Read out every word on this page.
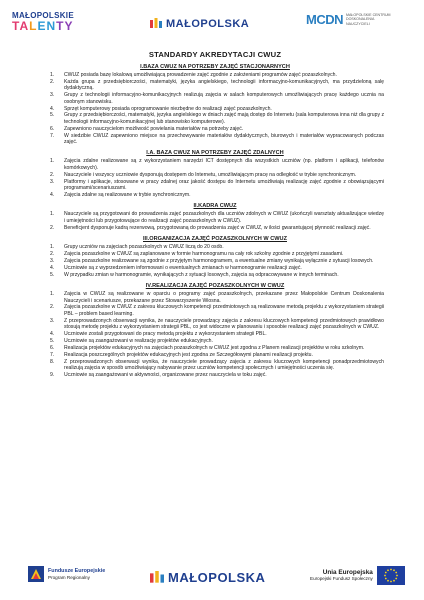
MAŁOPOLSKIE
TALENTY	MAŁOPOLSKA	MCDN MAŁOPOLSKIE CENTRUM DOSKONALENIA NAUCZYCIELI
STANDARDY AKREDYTACJI CWUZ
I.BAZA CWUZ NA POTRZEBY ZAJĘĆ STACJONARNYCH
1. CWUZ posiada bazę lokalową umożliwiającą prowadzenie zajęć zgodnie z założeniami programów zajęć pozaszkolnych.
2. Każda grupa z przedsiębiorczości, matematyki, języka angielskiego, technologii informacyjno-komunikacyjnych, ma przydzieloną salę dydaktyczną.
3. Grupy z technologii informacyjno-komunikacyjnych realizują zajęcia w salach komputerowych umożliwiających pracę każdego ucznia na osobnym stanowisku.
4. Sprzęt komputerowy posiada oprogramowanie niezbędne do realizacji zajęć pozaszkolnych.
5. Grupy z przedsiębiorczości, matematyki, języka angielskiego w dniach zajęć mają dostęp do Internetu (sala komputerowa inna niż dla grupy z technologii informacyjno-komunikacyjnej lub stanowisko komputerowe).
6. Zapewniono nauczycielom możliwość powielania materiałów na potrzeby zajęć.
7. W siedzibie CWUZ zapewniono miejsce na przechowywanie materiałów dydaktycznych, biurowych i materiałów wypracowanych podczas zajęć.
I.A. BAZA CWUZ NA POTRZEBY ZAJĘĆ ZDALNYCH
1. Zajęcia zdalne realizowane są z wykorzystaniem narzędzi ICT dostępnych dla wszystkich uczniów (np. platform i aplikacji, telefonów komórkowych).
2. Nauczyciele i wszyscy uczniowie dysponują dostępem do Internetu, umożliwiającym pracę na odległość w trybie synchronicznym.
3. Platformy i aplikacje, stosowane w pracy zdalnej oraz jakość dostępu do Internetu umożliwiają realizację zajęć zgodnie z obowiązującymi programami/scenariuszami.
4. Zajęcia zdalne są realizowane w trybie synchronicznym.
II.KADRA CWUZ
1. Nauczyciele są przygotowani do prowadzenia zajęć pozaszkolnych dla uczniów zdolnych w CWUZ (ukończyli warsztaty aktualizujące wiedzę i umiejętności lub przygotowujące do realizacji zajęć pozaszkolnych w CWUZ).
2. Beneficjent dysponuje kadrą rezerwową, przygotowaną do prowadzenia zajęć w CWUZ, w ilości gwarantującej płynność realizacji zajęć.
III.ORGANIZACJA ZAJĘĆ POZASZKOLNYCH W CWUZ
1. Grupy uczniów na zajęciach pozaszkolnych w CWUZ liczą do 20 osób.
2. Zajęcia pozaszkolne w CWUZ są zaplanowane w formie harmonogramu na cały rok szkolny zgodnie z przyjętymi zasadami.
3. Zajęcia pozaszkolne realizowane są zgodnie z przyjętym harmonogramem, a ewentualne zmiany wynikają wyłącznie z sytuacji losowych.
4. Uczniowie są z wyprzedzeniem informowani o ewentualnych zmianach w harmonogramie realizacji zajęć.
5. W przypadku zmian w harmonogramie, wynikających z sytuacji losowych, zajęcia są odpracowywane w innych terminach.
IV.REALIZACJA ZAJĘĆ POZASZKOLNYCH W CWUZ
1. Zajęcia w CWUZ są realizowane w oparciu o programy zajęć pozaszkolnych, przekazane przez Małopolskie Centrum Doskonalenia Nauczycieli i scenariusze, przekazane przez Stowarzyszenie Wiosna.
2. Zajęcia pozaszkolne w CWUZ z zakresu kluczowych kompetencji przedmiotowych są realizowane metodą projektu z wykorzystaniem strategii PBL – problem based learning.
3. Z przeprowadzonych obserwacji wynika, że nauczyciele prowadzący zajęcia z zakresu kluczowych kompetencji przedmiotowych prawidłowo stosują metodę projektu z wykorzystaniem strategii PBL, co jest widoczne w planowaniu i sposobie realizacji zajęć pozaszkolnych w CWUZ.
4. Uczniowie zostali przygotowani do pracy metodą projektu z wykorzystaniem strategii PBL.
5. Uczniowie są zaangażowani w realizację projektów edukacyjnych.
6. Realizacja projektów edukacyjnych na zajęciach pozaszkolnych w CWUZ jest zgodna z Planem realizacji projektów w roku szkolnym.
7. Realizacja poszczególnych projektów edukacyjnych jest zgodna ze Szczegółowymi planami realizacji projektu.
8. Z przeprowadzonych obserwacji wynika, że nauczyciele prowadzący zajęcia z zakresu kluczowych kompetencji ponadprzedmiotowych realizują zajęcia w sposób umożliwiający nabywanie przez uczniów kompetencji społecznych i umiejętności uczenia się.
9. Uczniowie są zaangażowani w aktywności, organizowane przez nauczyciela w toku zajęć.
Fundusze Europejskie
Program Regionalny	MAŁOPOLSKA	Unia Europejska
Europejski Fundusz Społeczny
